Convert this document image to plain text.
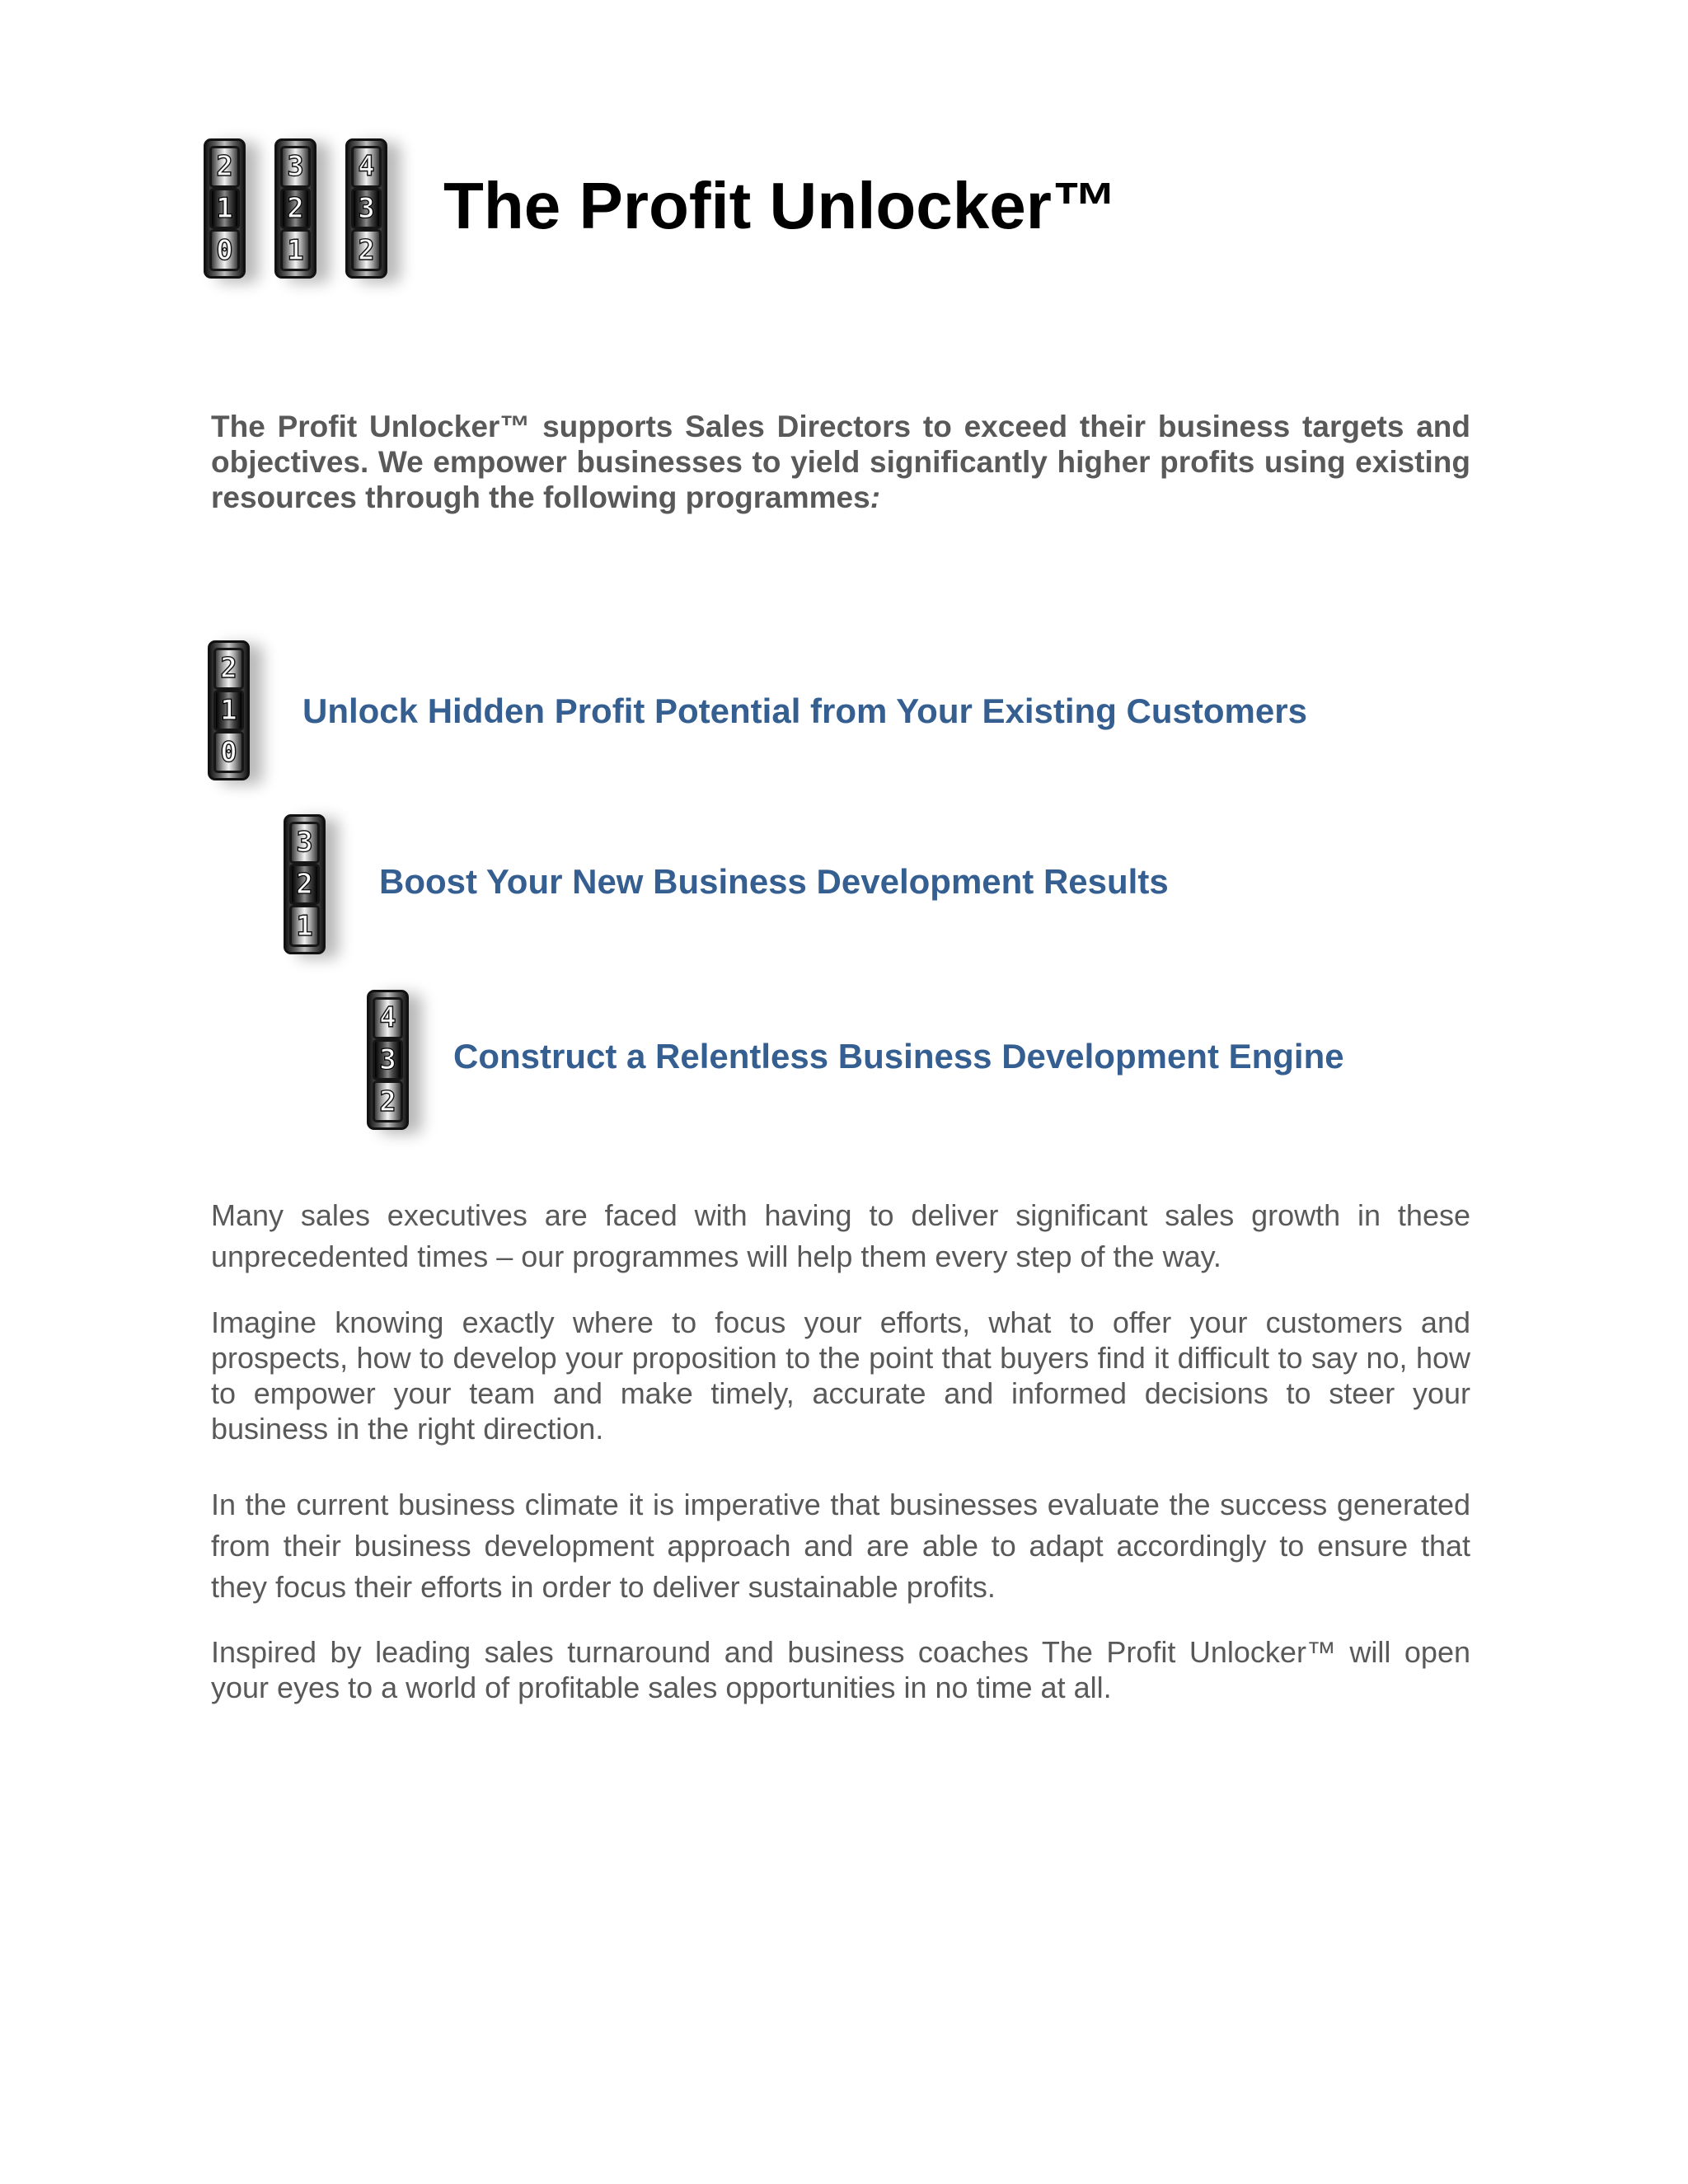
2
1
0
3
2
1
4
3
2
The Profit Unlocker™

The Profit Unlocker™ supports Sales Directors to exceed their business targets and objectives. We empower businesses to yield significantly higher profits using existing resources through the following programmes:

2
1
0
Unlock Hidden Profit Potential from Your Existing Customers
3
2
1
Boost Your New Business Development Results
4
3
2
Construct a Relentless Business Development Engine

Many sales executives are faced with having to deliver significant sales growth in these unprecedented times – our programmes will help them every step of the way.

Imagine knowing exactly where to focus your efforts, what to offer your customers and prospects, how to develop your proposition to the point that buyers find it difficult to say no, how to empower your team and make timely, accurate and informed decisions to steer your business in the right direction.

In the current business climate it is imperative that businesses evaluate the success generated from their business development approach and are able to adapt accordingly to ensure that they focus their efforts in order to deliver sustainable profits.

Inspired by leading sales turnaround and business coaches The Profit Unlocker™ will open your eyes to a world of profitable sales opportunities in no time at all.
